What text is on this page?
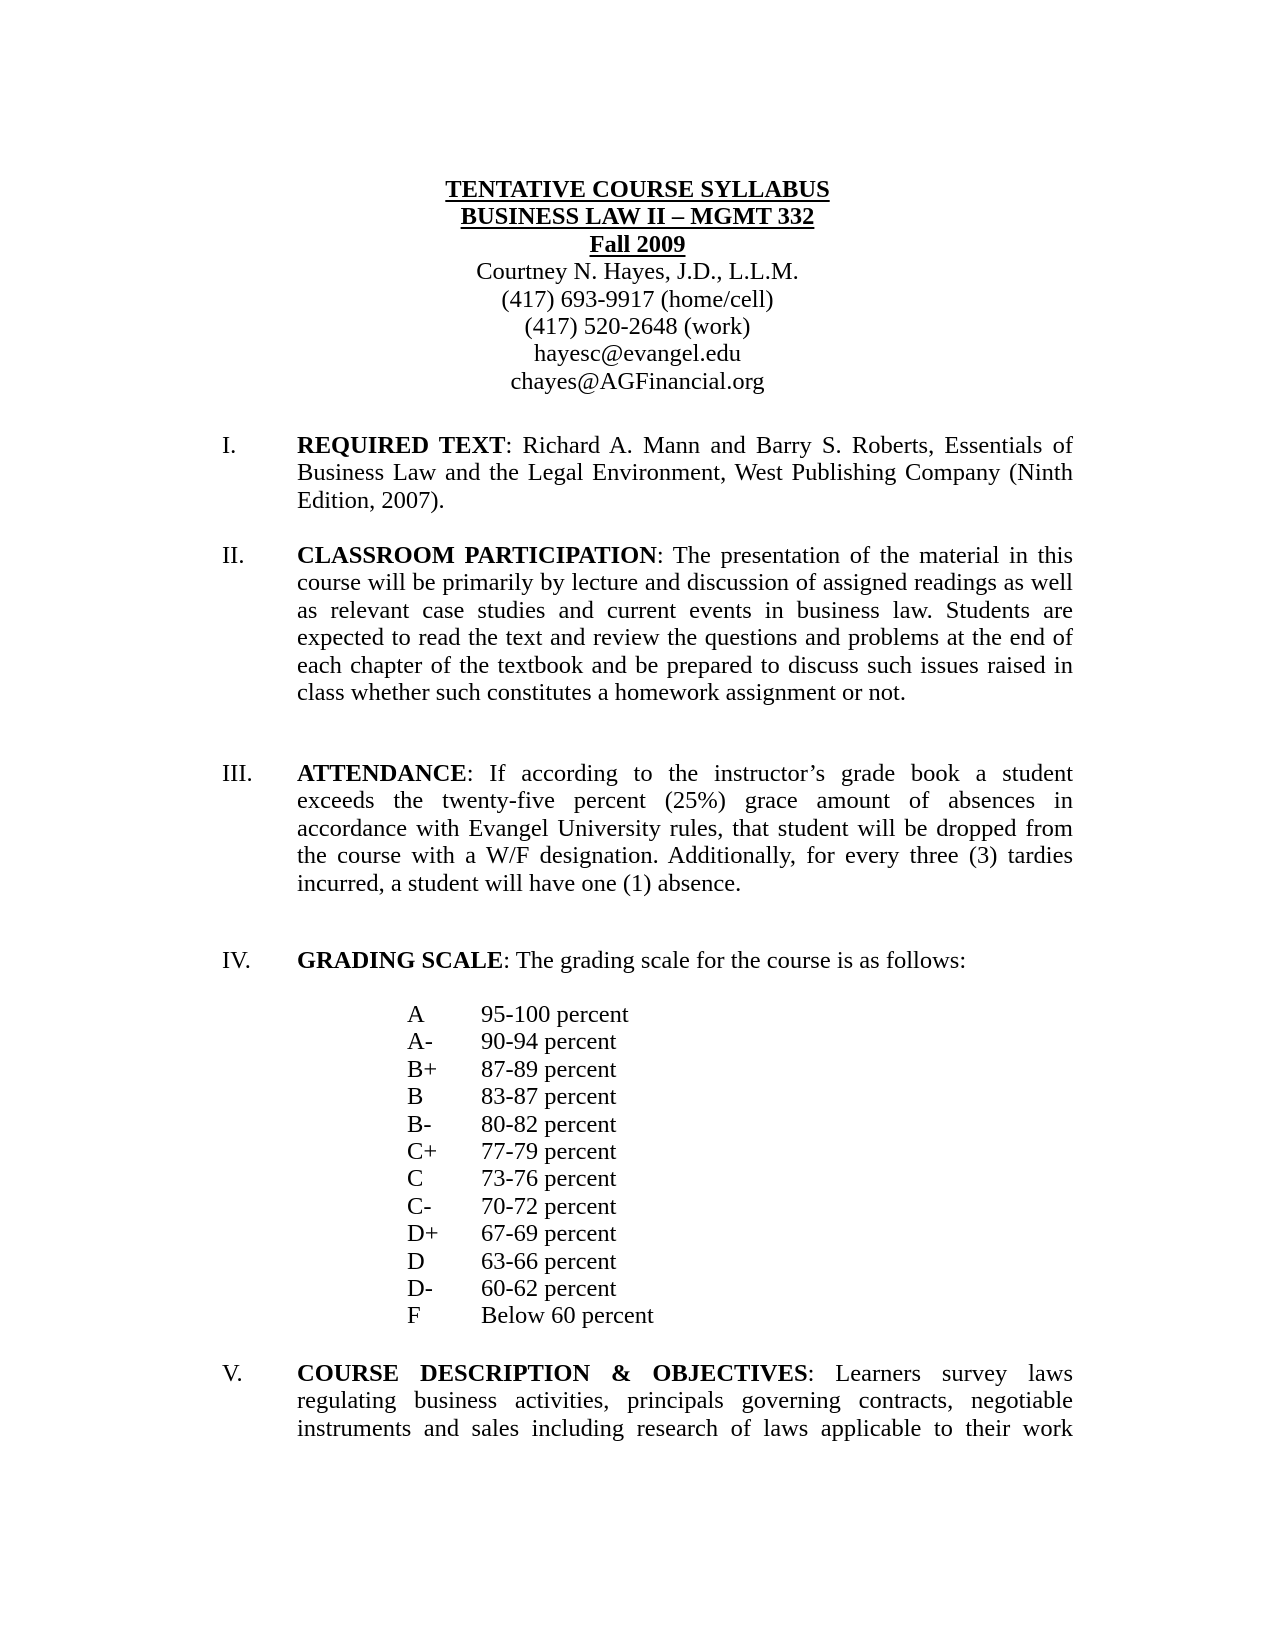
TENTATIVE COURSE SYLLABUS
BUSINESS LAW II – MGMT 332
Fall 2009
Courtney N. Hayes, J.D., L.L.M.
(417) 693-9917 (home/cell)
(417) 520-2648 (work)
hayesc@evangel.edu
chayes@AGFinancial.org
I. REQUIRED TEXT: Richard A. Mann and Barry S. Roberts, Essentials of
Business Law and the Legal Environment, West Publishing Company (Ninth
Edition, 2007).
II. CLASSROOM PARTICIPATION: The presentation of the material in this
course will be primarily by lecture and discussion of assigned readings as well
as relevant case studies and current events in business law. Students are
expected to read the text and review the questions and problems at the end of
each chapter of the textbook and be prepared to discuss such issues raised in
class whether such constitutes a homework assignment or not.
III. ATTENDANCE: If according to the instructor’s grade book a student
exceeds the twenty-five percent (25%) grace amount of absences in
accordance with Evangel University rules, that student will be dropped from
the course with a W/F designation. Additionally, for every three (3) tardies
incurred, a student will have one (1) absence.
IV. GRADING SCALE: The grading scale for the course is as follows:
A 95-100 percent
A- 90-94 percent
B+ 87-89 percent
B 83-87 percent
B- 80-82 percent
C+ 77-79 percent
C 73-76 percent
C- 70-72 percent
D+ 67-69 percent
D 63-66 percent
D- 60-62 percent
F Below 60 percent
V. COURSE DESCRIPTION & OBJECTIVES: Learners survey laws
regulating business activities, principals governing contracts, negotiable
instruments and sales including research of laws applicable to their work
